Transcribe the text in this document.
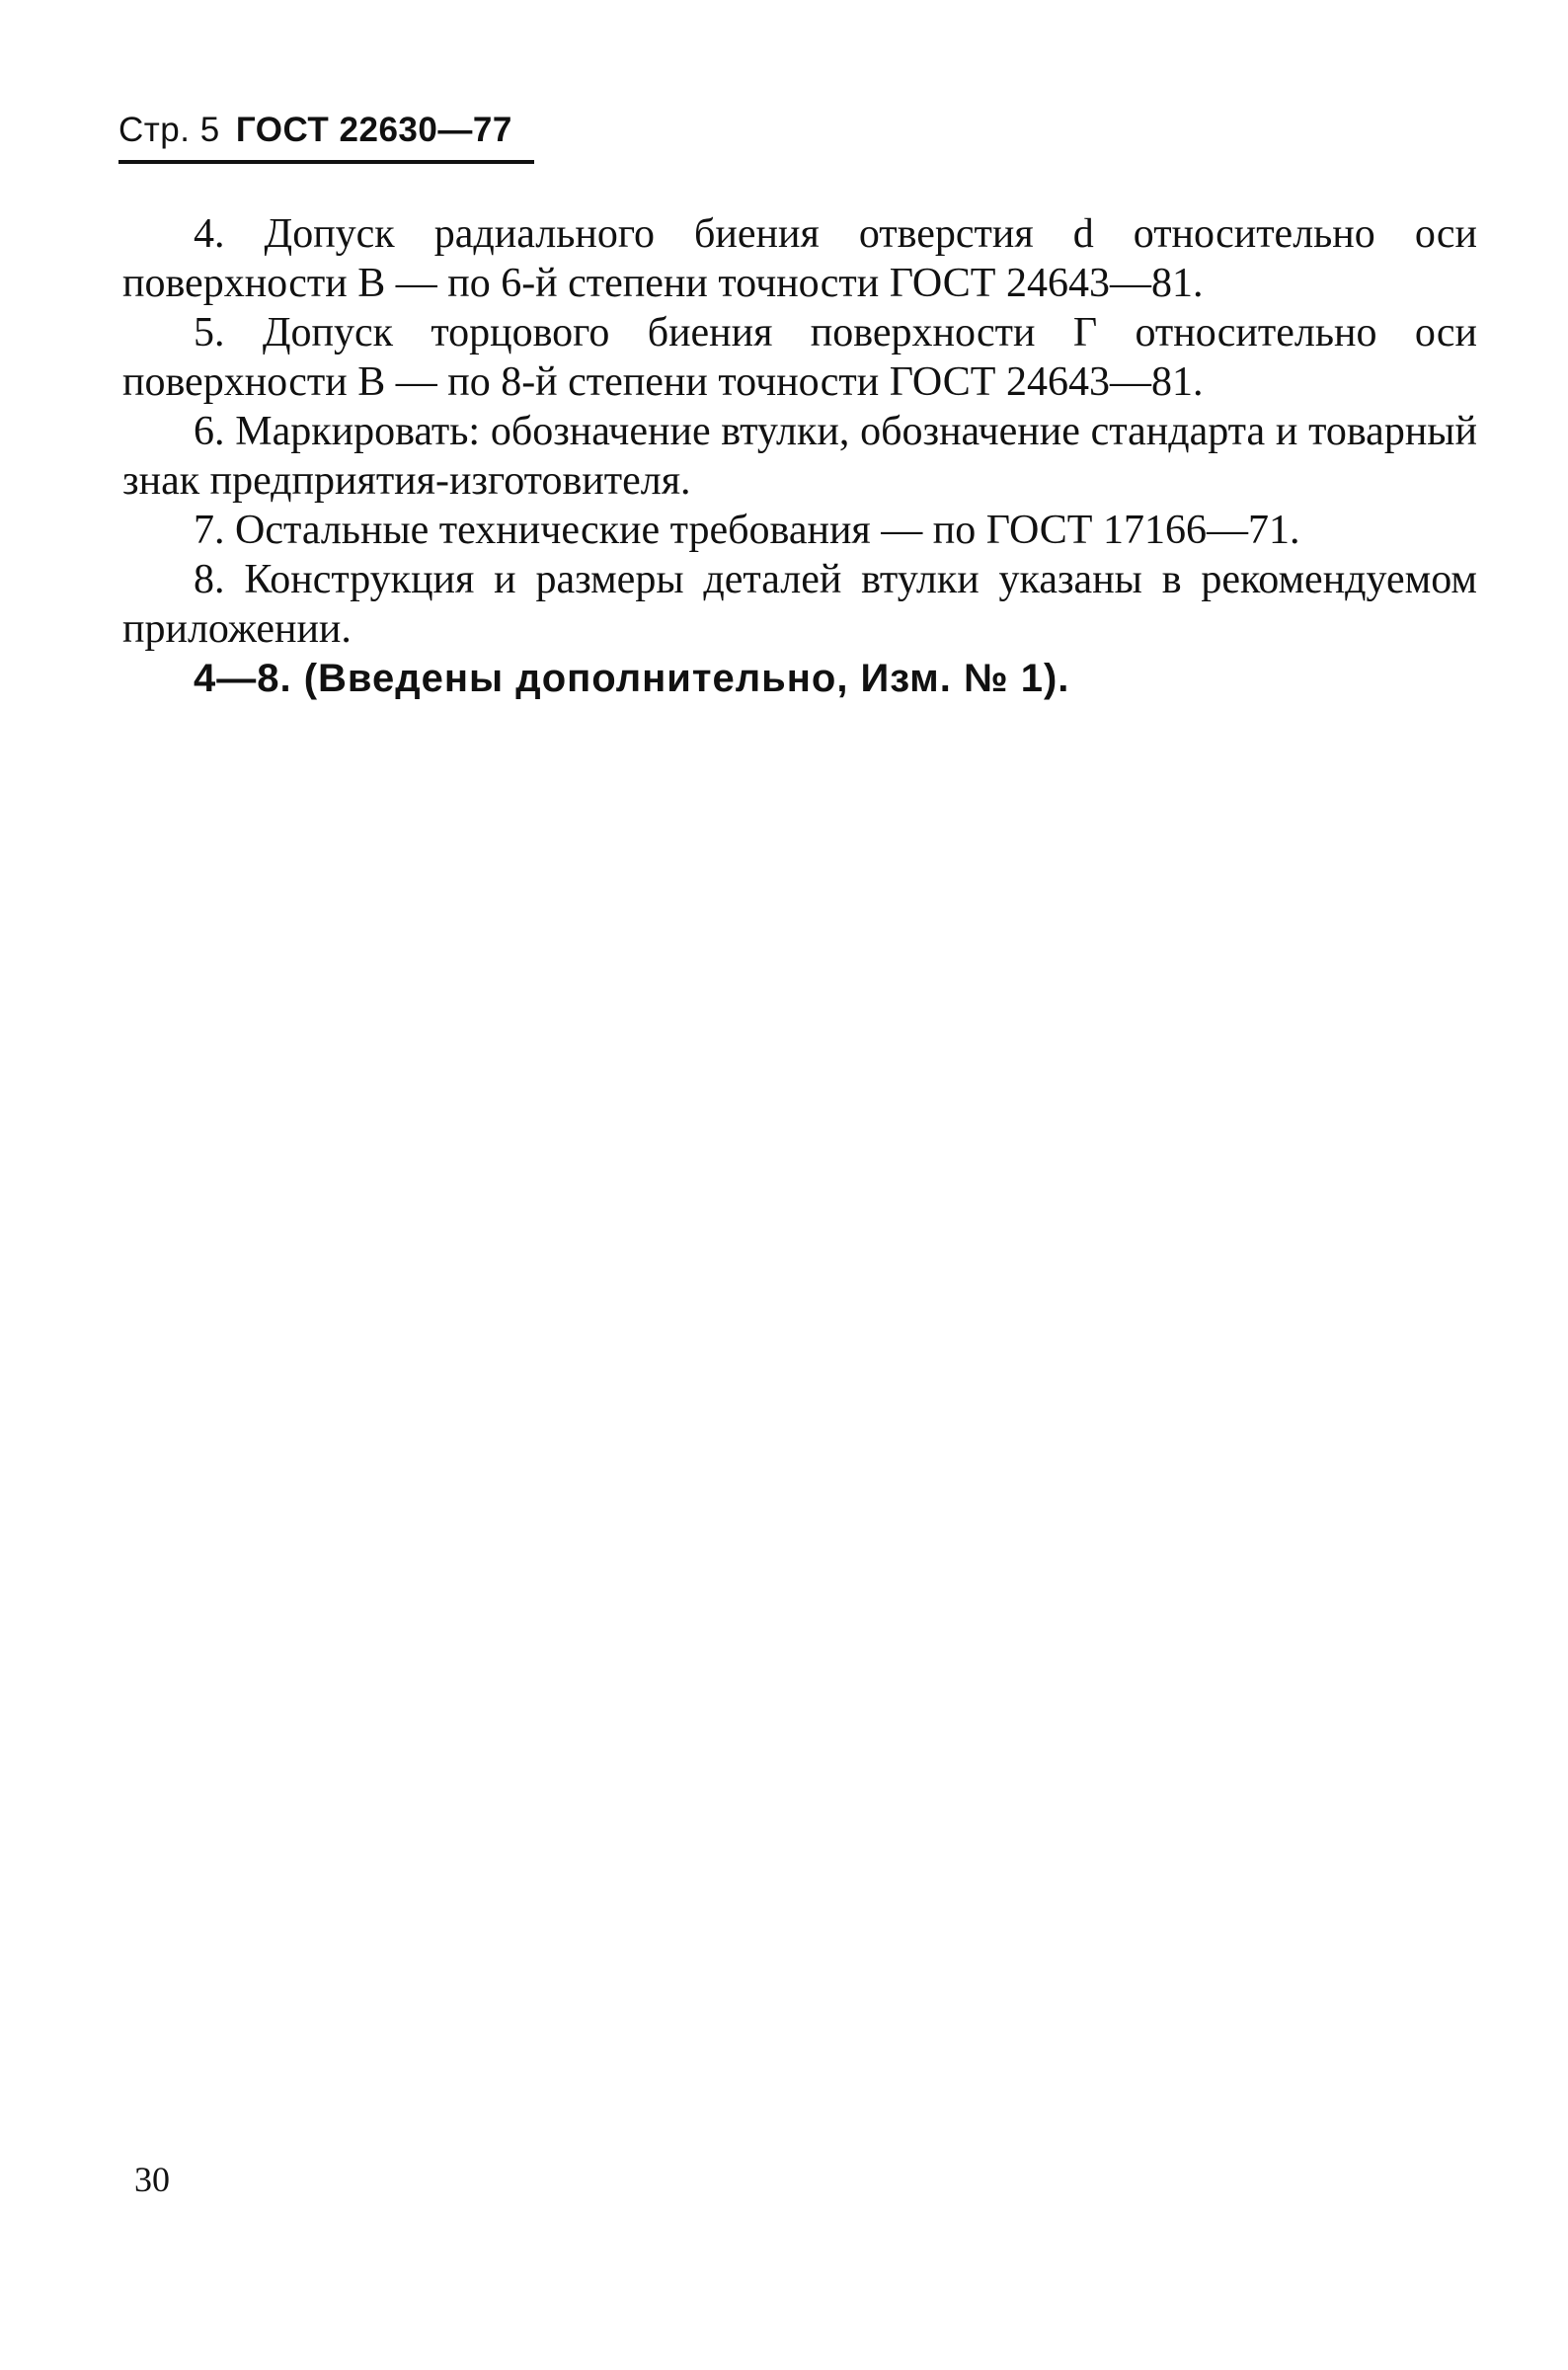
Стр. 5 ГОСТ 22630—77

4. Допуск радиального биения отверстия d относительно оси поверхности В — по 6-й степени точности ГОСТ 24643—81.

5. Допуск торцового биения поверхности Г относительно оси поверхности В — по 8-й степени точности ГОСТ 24643—81.

6. Маркировать: обозначение втулки, обозначение стандарта и товарный знак предприятия-изготовителя.

7. Остальные технические требования — по ГОСТ 17166—71.

8. Конструкция и размеры деталей втулки указаны в рекомендуемом приложении.

4—8. (Введены дополнительно, Изм. № 1).

30
